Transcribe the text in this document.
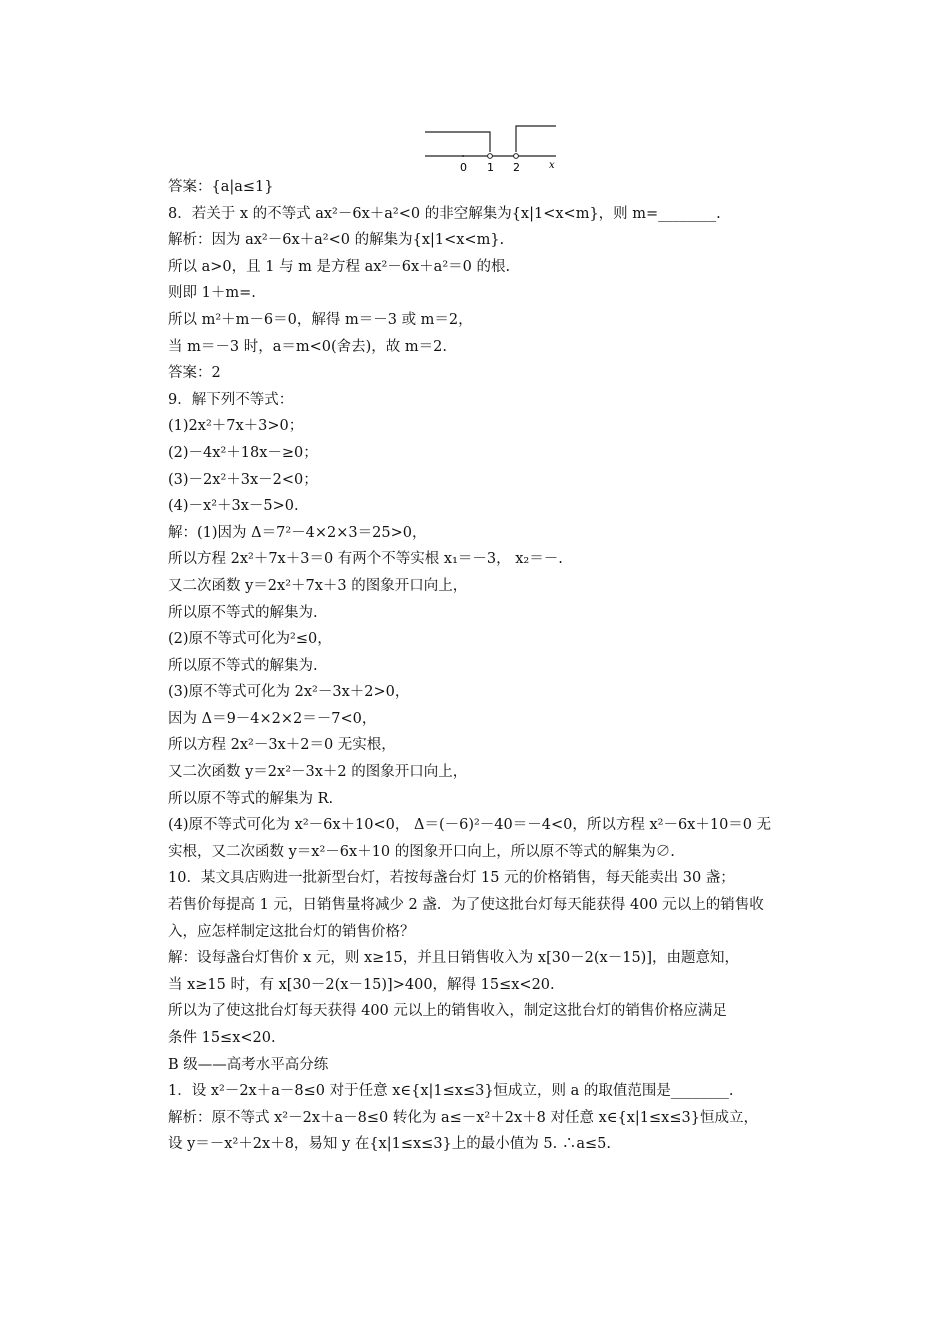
0 1 2	x
答案：{a|a≤1}
8．若关于 x 的不等式 ax²－6x＋a²<0 的非空解集为{x|1<x<m}，则 m=________.
解析：因为 ax²－6x＋a²<0 的解集为{x|1<x<m}.
所以 a>0，且 1 与 m 是方程 ax²－6x＋a²＝0 的根.
则即 1＋m=.
所以 m²＋m－6＝0，解得 m＝－3 或 m＝2，
当 m＝－3 时，a＝m<0(舍去)，故 m＝2.
答案：2
9．解下列不等式：
(1)2x²＋7x＋3>0；
(2)－4x²＋18x－≥0；
(3)－2x²＋3x－2<0；
(4)－x²＋3x－5>0.
解：(1)因为 Δ＝7²－4×2×3＝25>0，
所以方程 2x²＋7x＋3＝0 有两个不等实根 x₁＝－3， x₂＝－.
又二次函数 y＝2x²＋7x＋3 的图象开口向上，
所以原不等式的解集为.
(2)原不等式可化为²≤0，
所以原不等式的解集为.
(3)原不等式可化为 2x²－3x＋2>0，
因为 Δ＝9－4×2×2＝－7<0，
所以方程 2x²－3x＋2＝0 无实根，
又二次函数 y＝2x²－3x＋2 的图象开口向上，
所以原不等式的解集为 R.
(4)原不等式可化为 x²－6x＋10<0， Δ＝(－6)²－40＝－4<0，所以方程 x²－6x＋10＝0 无
实根，又二次函数 y＝x²－6x＋10 的图象开口向上，所以原不等式的解集为∅.
10．某文具店购进一批新型台灯，若按每盏台灯 15 元的价格销售，每天能卖出 30 盏；
若售价每提高 1 元，日销售量将减少 2 盏．为了使这批台灯每天能获得 400 元以上的销售收
入，应怎样制定这批台灯的销售价格？
解：设每盏台灯售价 x 元，则 x≥15，并且日销售收入为 x[30－2(x－15)]，由题意知，
当 x≥15 时，有 x[30－2(x－15)]>400，解得 15≤x<20.
所以为了使这批台灯每天获得 400 元以上的销售收入，制定这批台灯的销售价格应满足
条件 15≤x<20.
B 级——高考水平高分练
1．设 x²－2x＋a－8≤0 对于任意 x∈{x|1≤x≤3}恒成立，则 a 的取值范围是________.
解析：原不等式 x²－2x＋a－8≤0 转化为 a≤－x²＋2x＋8 对任意 x∈{x|1≤x≤3}恒成立，
设 y＝－x²＋2x＋8，易知 y 在{x|1≤x≤3}上的最小值为 5. ∴a≤5.
